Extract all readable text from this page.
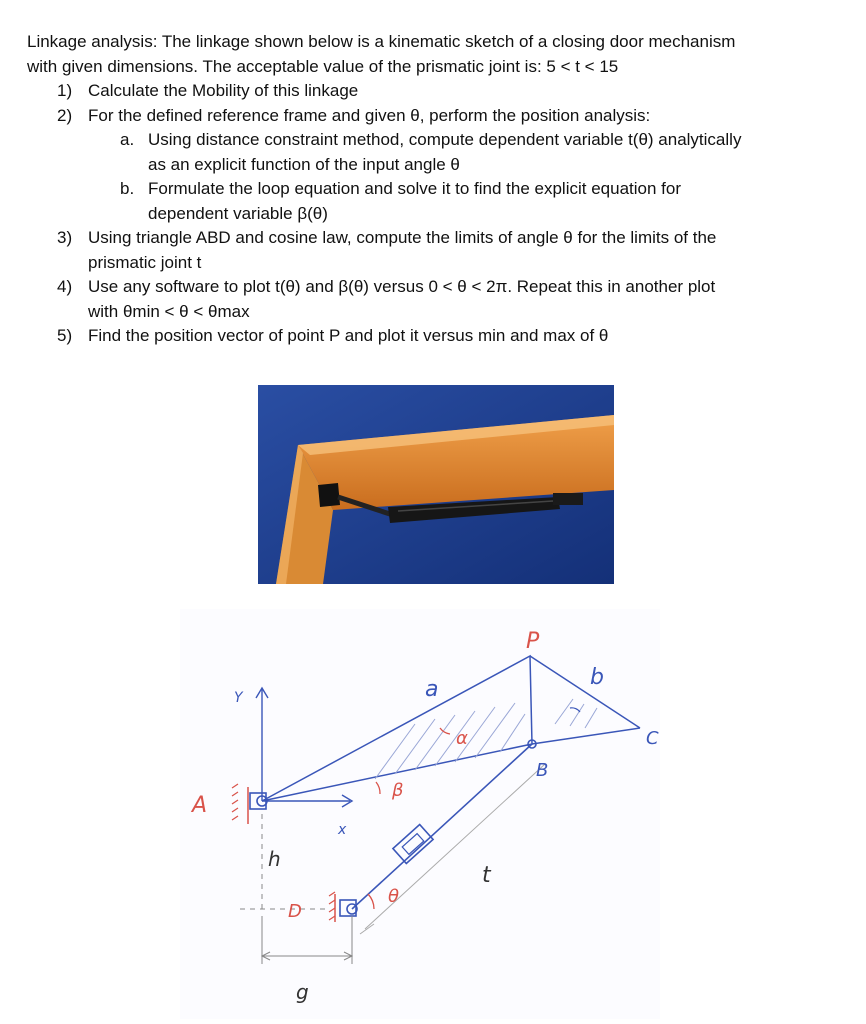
Linkage analysis: The linkage shown below is a kinematic sketch of a closing door mechanism

with given dimensions. The acceptable value of the prismatic joint is: 5 < t < 15

1) Calculate the Mobility of this linkage
2) For the defined reference frame and given θ, perform the position analysis:
a. Using distance constraint method, compute dependent variable t(θ) analytically
as an explicit function of the input angle θ
b. Formulate the loop equation and solve it to find the explicit equation for
dependent variable β(θ)
3) Using triangle ABD and cosine law, compute the limits of angle θ for the limits of the
prismatic joint t
4) Use any software to plot t(θ) and β(θ) versus 0 < θ < 2π. Repeat this in another plot
with θmin < θ < θmax
5) Find the position vector of point P and plot it versus min and max of θ
A
P
C
B
D
a	b
t
h
g
x
Y
α
β
θ
